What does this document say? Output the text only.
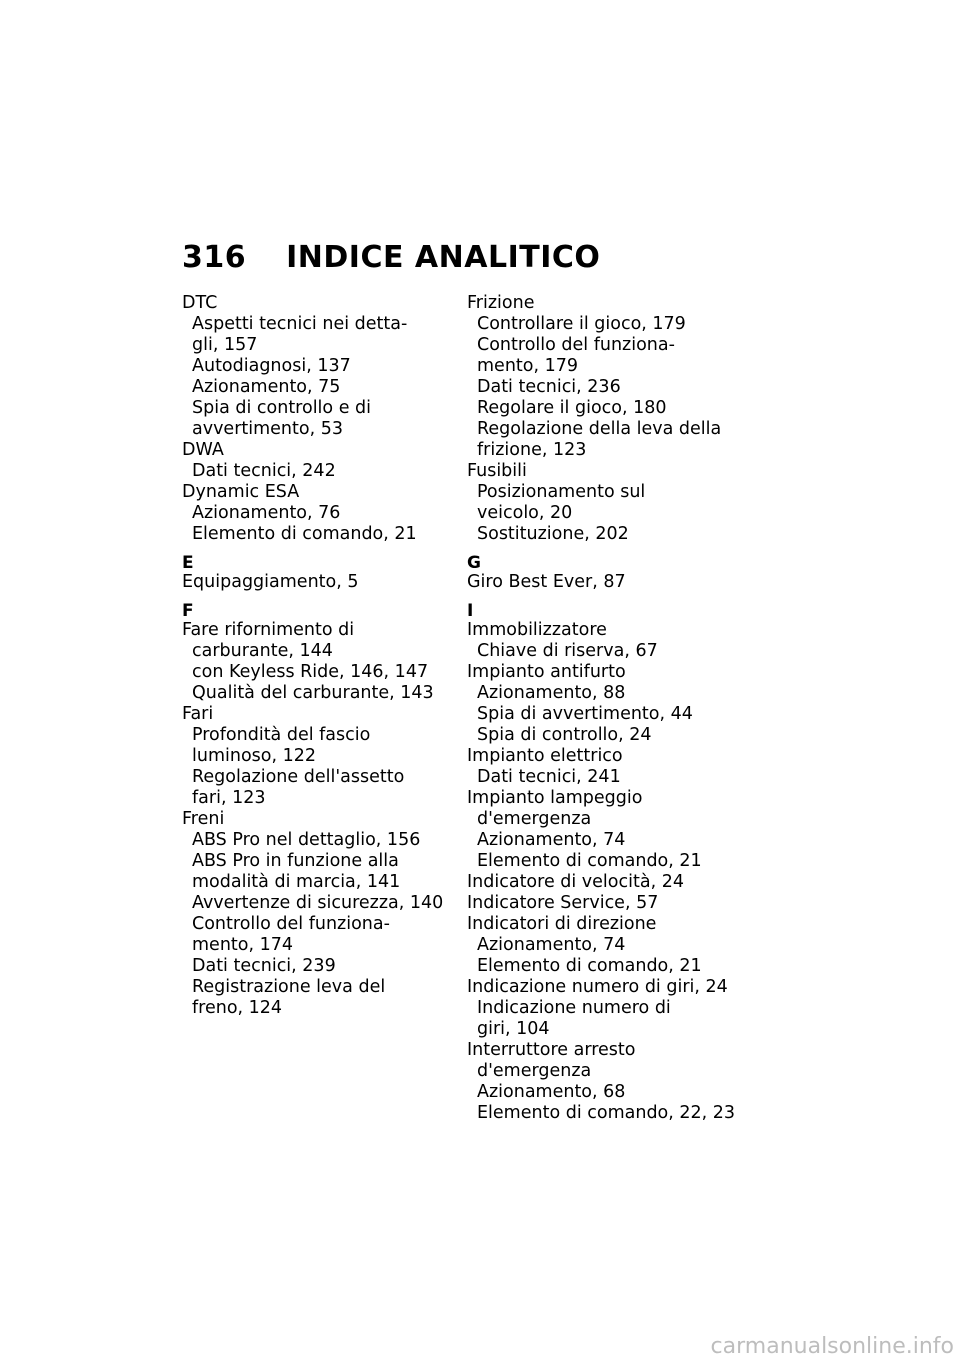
316 INDICE ANALITICO
DTC
Aspetti tecnici nei detta-
gli, 157
Autodiagnosi, 137
Azionamento, 75
Spia di controllo e di
avvertimento, 53
DWA
Dati tecnici, 242
Dynamic ESA
Azionamento, 76
Elemento di comando, 21
E
Equipaggiamento, 5
F
Fare rifornimento di
carburante, 144
con Keyless Ride, 146, 147
Qualità del carburante, 143
Fari
Profondità del fascio
luminoso, 122
Regolazione dell'assetto
fari, 123
Freni
ABS Pro nel dettaglio, 156
ABS Pro in funzione alla
modalità di marcia, 141
Avvertenze di sicurezza, 140
Controllo del funziona-
mento, 174
Dati tecnici, 239
Registrazione leva del
freno, 124
Frizione
Controllare il gioco, 179
Controllo del funziona-
mento, 179
Dati tecnici, 236
Regolare il gioco, 180
Regolazione della leva della
frizione, 123
Fusibili
Posizionamento sul
veicolo, 20
Sostituzione, 202
G
Giro Best Ever, 87
I
Immobilizzatore
Chiave di riserva, 67
Impianto antifurto
Azionamento, 88
Spia di avvertimento, 44
Spia di controllo, 24
Impianto elettrico
Dati tecnici, 241
Impianto lampeggio
d'emergenza
Azionamento, 74
Elemento di comando, 21
Indicatore di velocità, 24
Indicatore Service, 57
Indicatori di direzione
Azionamento, 74
Elemento di comando, 21
Indicazione numero di giri, 24
Indicazione numero di
giri, 104
Interruttore arresto
d'emergenza
Azionamento, 68
Elemento di comando, 22, 23
carmanualsonline.info
